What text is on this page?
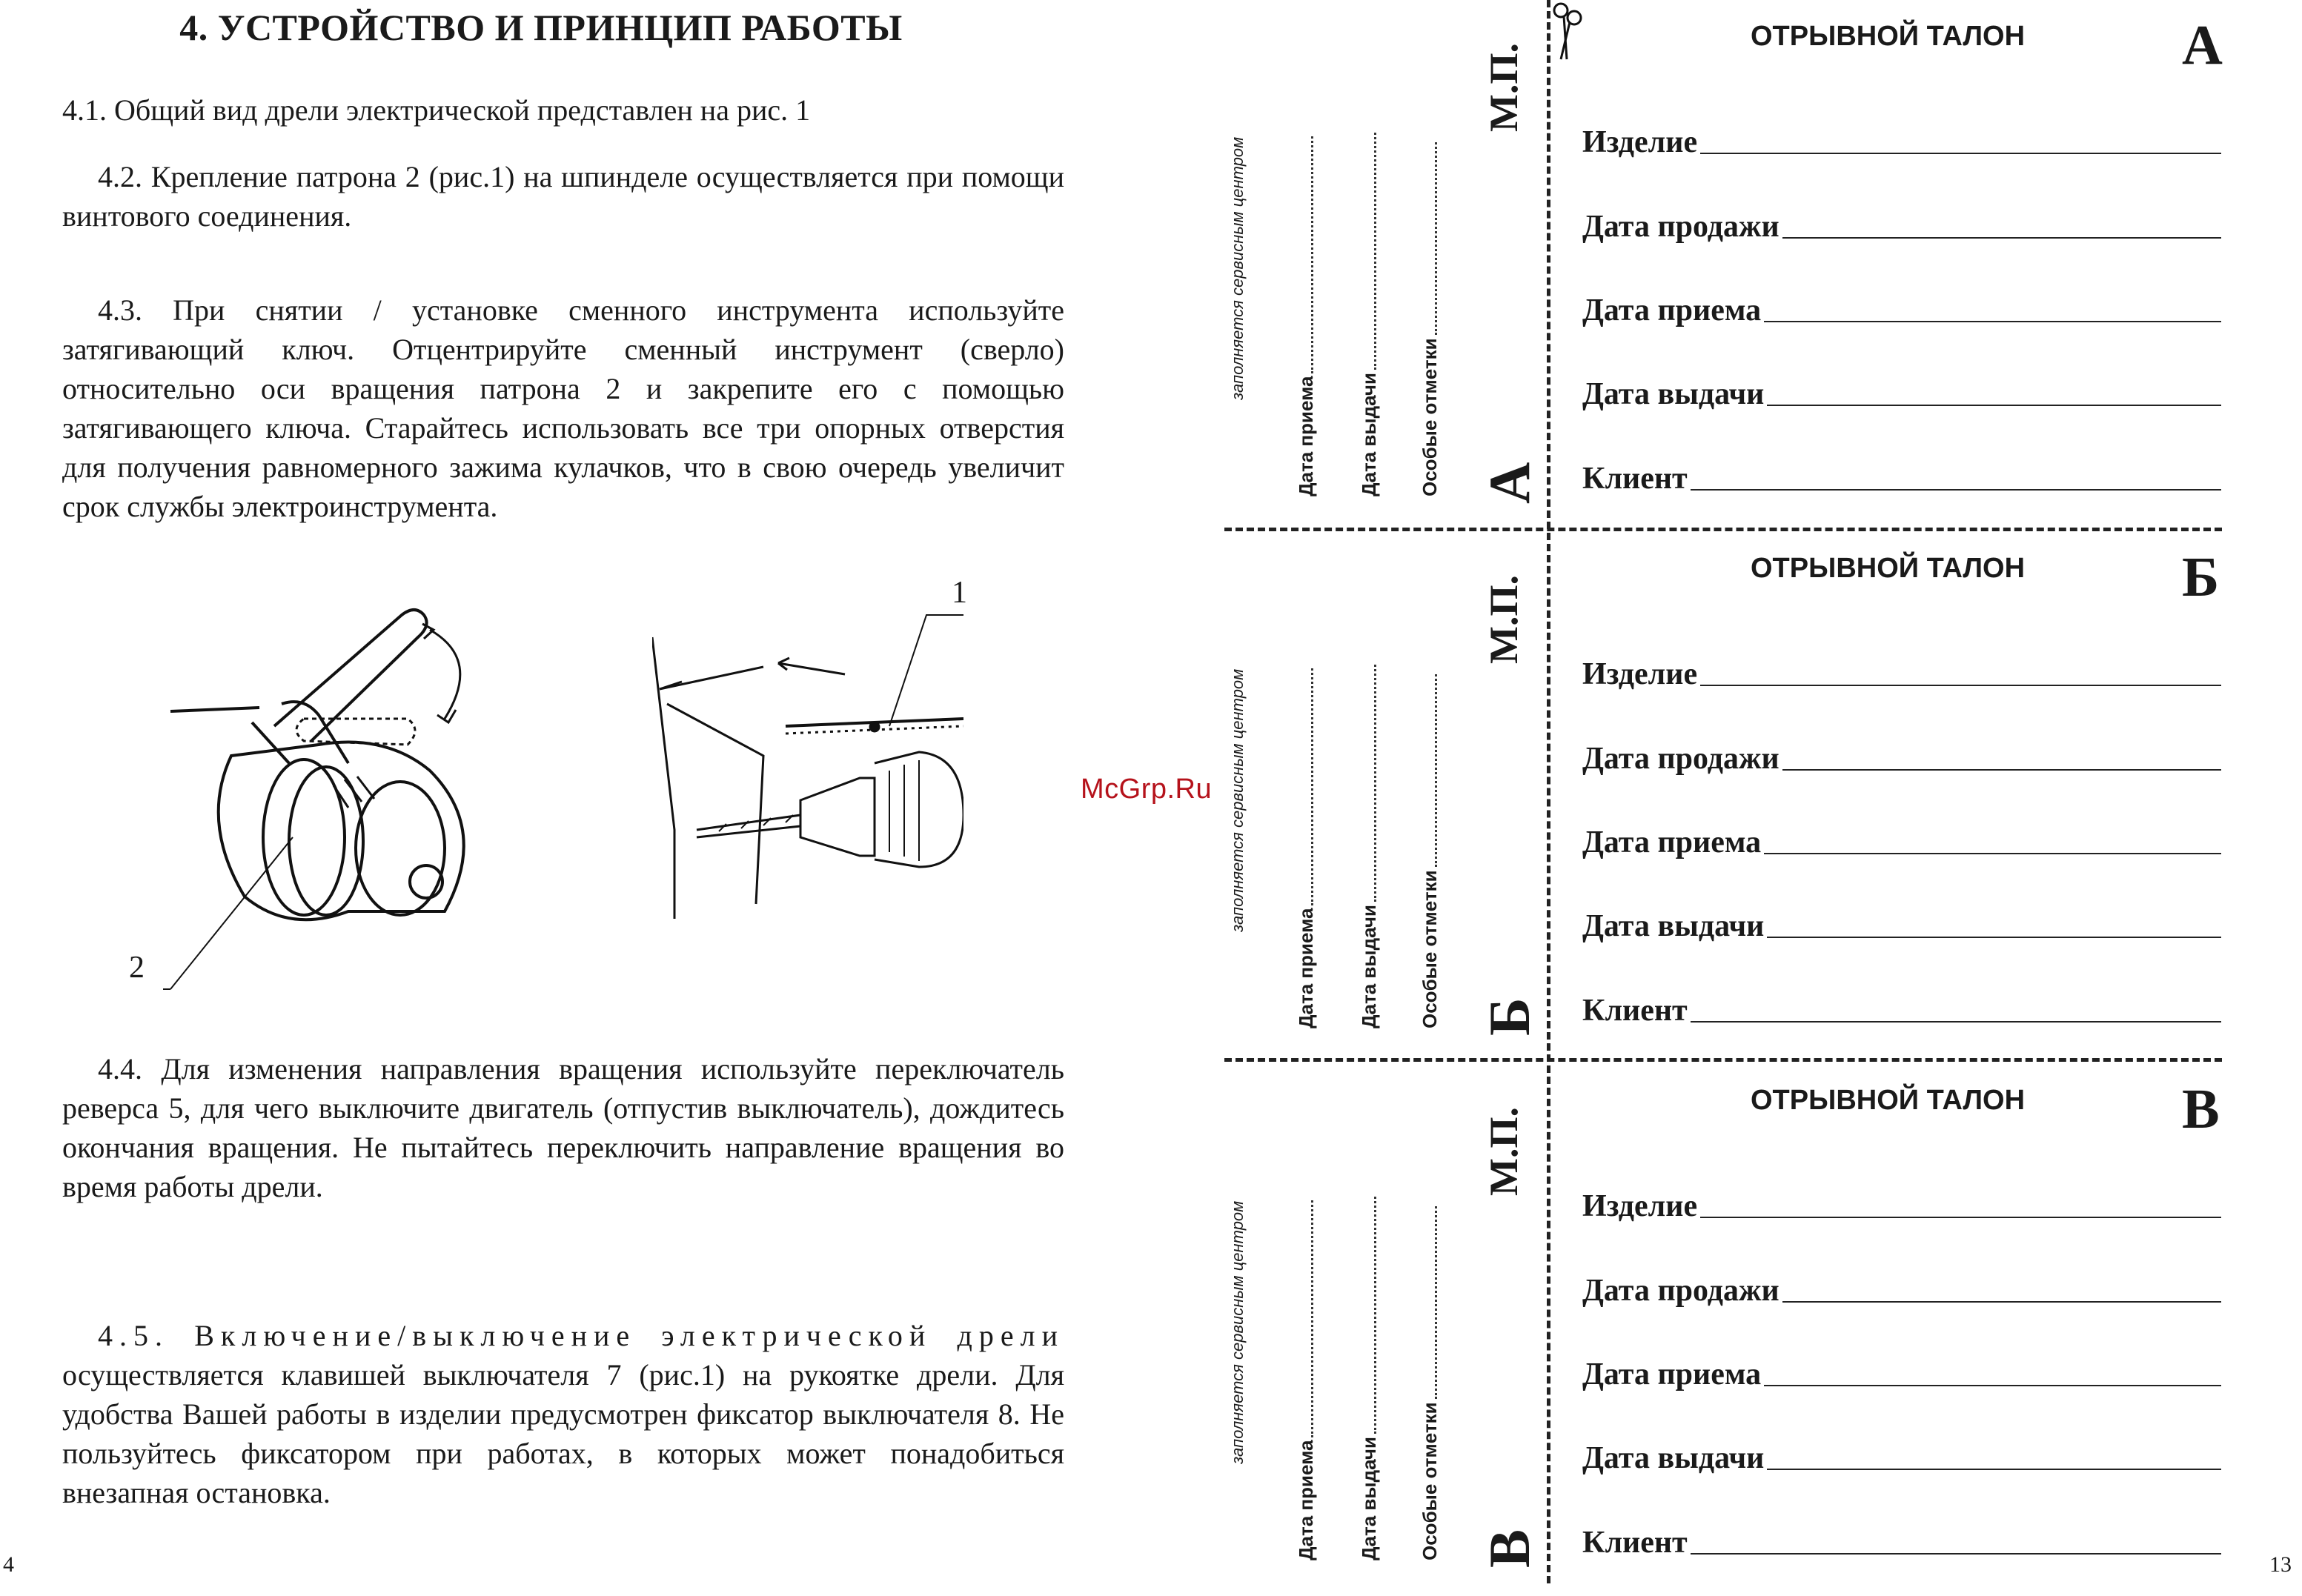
4. УСТРОЙСТВО И ПРИНЦИП РАБОТЫ

4.1. Общий вид дрели электрической представлен на рис. 1

4.2. Крепление патрона 2 (рис.1) на шпинделе осуществляется при помощи винтового соединения.

4.3. При снятии / установке сменного инструмента используйте затягивающий ключ. Отцентрируйте сменный инструмент (сверло) относительно оси вращения патрона 2 и закрепите его с помощью затягивающего ключа. Старайтесь использовать все три опорных отверстия для получения равномерного зажима кулачков, что в свою очередь увеличит срок службы электроинструмента.

2
1

4.4. Для изменения направления вращения используйте переключатель реверса 5, для чего выключите двигатель (отпустив выключатель), дождитесь окончания вращения. Не пытайтесь переключить направление вращения во время работы дрели.

4.5. Включение/выключение электрической дрели осуществляется клавишей выключателя 7 (рис.1) на рукоятке дрели. Для удобства Вашей работы в изделии предусмотрен фиксатор выключателя 8. Не пользуйтесь фиксатором при работах, в которых может понадобиться внезапная остановка.

4
McGrp.Ru
заполняется сервисным центром
Дата приема Дата выдачи Особые отметки
М.П.
А
ОТРЫВНОЙ ТАЛОН	А
Изделие
Дата продажи
Дата приема
Дата выдачи
Клиент
заполняется сервисным центром
Дата приема Дата выдачи Особые отметки
М.П.
Б
ОТРЫВНОЙ ТАЛОН	Б
Изделие
Дата продажи
Дата приема
Дата выдачи
Клиент
заполняется сервисным центром
Дата приема Дата выдачи Особые отметки
М.П.
В
ОТРЫВНОЙ ТАЛОН	В
Изделие
Дата продажи
Дата приема
Дата выдачи
Клиент
13
